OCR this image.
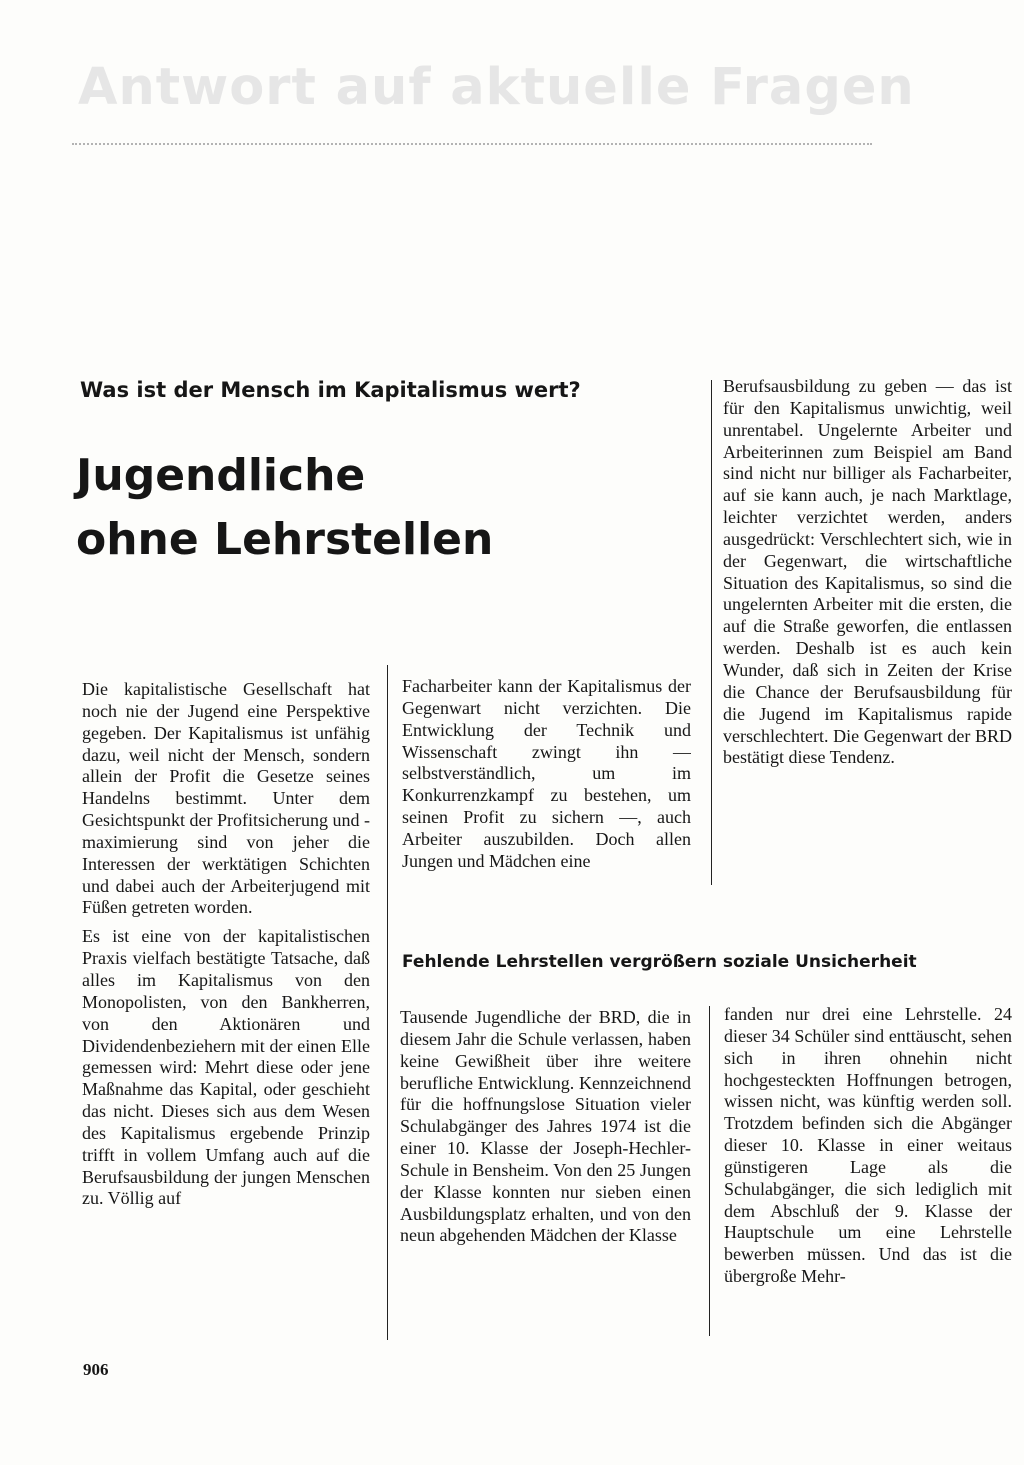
Antwort auf aktuelle Fragen
Was ist der Mensch im Kapitalismus wert?
Jugendliche
ohne Lehrstellen

Die kapitalistische Gesellschaft hat noch nie der Jugend eine Perspektive gegeben. Der Kapitalismus ist unfähig dazu, weil nicht der Mensch, sondern allein der Profit die Gesetze seines Handelns bestimmt. Unter dem Gesichtspunkt der Profitsicherung und -maximierung sind von jeher die Interessen der werktätigen Schichten und dabei auch der Arbeiterjugend mit Füßen getreten worden.

Es ist eine von der kapitalistischen Praxis vielfach bestätigte Tatsache, daß alles im Kapitalismus von den Monopolisten, von den Bankherren, von den Aktionären und Dividendenbeziehern mit der einen Elle gemessen wird: Mehrt diese oder jene Maßnahme das Kapital, oder geschieht das nicht. Dieses sich aus dem Wesen des Kapitalismus ergebende Prinzip trifft in vollem Umfang auch auf die Berufsausbildung der jungen Menschen zu. Völlig auf

Facharbeiter kann der Kapitalismus der Gegenwart nicht verzichten. Die Entwicklung der Technik und Wissenschaft zwingt ihn — selbstverständlich, um im Konkurrenzkampf zu bestehen, um seinen Profit zu sichern —, auch Arbeiter auszubilden. Doch allen Jungen und Mädchen eine

Berufsausbildung zu geben — das ist für den Kapitalismus unwichtig, weil unrentabel. Ungelernte Arbeiter und Arbeiterinnen zum Beispiel am Band sind nicht nur billiger als Facharbeiter, auf sie kann auch, je nach Marktlage, leichter verzichtet werden, anders ausgedrückt: Verschlechtert sich, wie in der Gegenwart, die wirtschaftliche Situation des Kapitalismus, so sind die ungelernten Arbeiter mit die ersten, die auf die Straße geworfen, die entlassen werden. Deshalb ist es auch kein Wunder, daß sich in Zeiten der Krise die Chance der Berufsausbildung für die Jugend im Kapitalismus rapide verschlechtert. Die Gegenwart der BRD bestätigt diese Tendenz.

Fehlende Lehrstellen vergrößern soziale Unsicherheit

Tausende Jugendliche der BRD, die in diesem Jahr die Schule verlassen, haben keine Gewißheit über ihre weitere berufliche Entwicklung. Kennzeichnend für die hoffnungslose Situation vieler Schulabgänger des Jahres 1974 ist die einer 10. Klasse der Joseph-Hechler-Schule in Bensheim. Von den 25 Jungen der Klasse konnten nur sieben einen Ausbildungsplatz erhalten, und von den neun abgehenden Mädchen der Klasse

fanden nur drei eine Lehrstelle. 24 dieser 34 Schüler sind enttäuscht, sehen sich in ihren ohnehin nicht hochgesteckten Hoffnungen betrogen, wissen nicht, was künftig werden soll. Trotzdem befinden sich die Abgänger dieser 10. Klasse in einer weitaus günstigeren Lage als die Schulabgänger, die sich lediglich mit dem Abschluß der 9. Klasse der Hauptschule um eine Lehrstelle bewerben müssen. Und das ist die übergroße Mehr-

906
